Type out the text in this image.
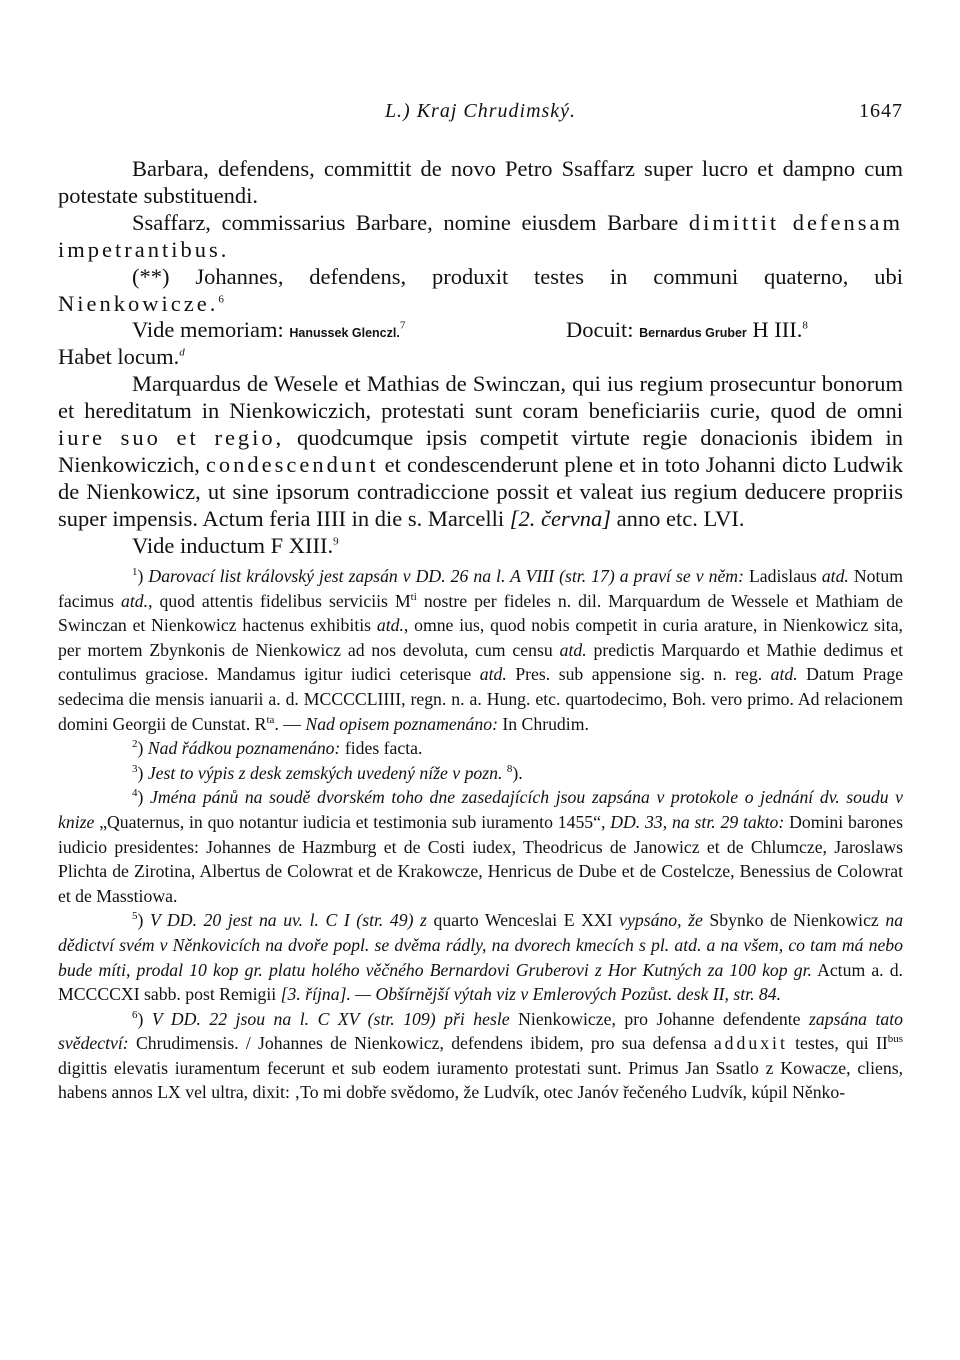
L.) Kraj Chrudimský.	1647

Barbara, defendens, committit de novo Petro Ssaffarz super lucro et dampno cum potestate substituendi.

Ssaffarz, commissarius Barbare, nomine eiusdem Barbare dimittit defensam impetrantibus.

(**) Johannes, defendens, produxit testes in communi quaterno, ubi Nienkowicze.$^6$

Vide memoriam: Hanussek Glenczl.$^7$	Docuit: Bernardus Gruber H III.$^8$

Habet locum.$^d$

Marquardus de Wesele et Mathias de Swinczan, qui ius regium prosecuntur bonorum et hereditatum in Nienkowiczich, protestati sunt coram beneficiariis curie, quod de omni iure suo et regio, quodcumque ipsis competit virtute regie donacionis ibidem in Nienkowiczich, condescendunt et condescenderunt plene et in toto Johanni dicto Ludwik de Nienkowicz, ut sine ipsorum contradiccione possit et valeat ius regium deducere propriis super impensis. Actum feria IIII in die s. Marcelli [2. června] anno etc. LVI.

Vide inductum F XIII.$^9$

$^1$) Darovací list královský jest zapsán v DD. 26 na l. A VIII (str. 17) a praví se v něm: Ladislaus atd. Notum facimus atd., quod attentis fidelibus serviciis $M^{ti}$ nostre per fideles n. dil. Marquardum de Wessele et Mathiam de Swinczan et Nienkowicz hactenus exhibitis atd., omne ius, quod nobis competit in curia arature, in Nienkowicz sita, per mortem Zbynkonis de Nienkowicz ad nos devoluta, cum censu atd. predictis Marquardo et Mathie dedimus et contulimus graciose. Mandamus igitur iudici ceterisque atd. Pres. sub appensione sig. n. reg. atd. Datum Prage sedecima die mensis ianuarii a. d. MCCCCLIIII, regn. n. a. Hung. etc. quartodecimo, Boh. vero primo. Ad relacionem domini Georgii de Cunstat. $R^{ta}$. — Nad opisem poznamenáno: In Chrudim.

$^2$) Nad řádkou poznamenáno: fides facta.

$^3$) Jest to výpis z desk zemských uvedený níže v pozn. $^8$).

$^4$) Jména pánů na soudě dvorském toho dne zasedajících jsou zapsána v protokole o jednání dv. soudu v knize „Quaternus, in quo notantur iudicia et testimonia sub iuramento 1455“, DD. 33, na str. 29 takto: Domini barones iudicio presidentes: Johannes de Hazmburg et de Costi iudex, Theodricus de Janowicz et de Chlumcze, Jaroslaws Plichta de Zirotina, Albertus de Colowrat et de Krakowcze, Henricus de Dube et de Costelcze, Benessius de Colowrat et de Masstiowa.

$^5$) V DD. 20 jest na uv. l. C I (str. 49) z quarto Wenceslai E XXI vypsáno, že Sbynko de Nienkowicz na dědictví svém v Něnkovicích na dvoře popl. se dvěma rádly, na dvorech kmecích s pl. atd. a na všem, co tam má nebo bude míti, prodal 10 kop gr. platu holého věčného Bernardovi Gruberovi z Hor Kutných za 100 kop gr. Actum a. d. MCCCCXI sabb. post Remigii [3. října]. — Obšírnější výtah viz v Emlerových Pozůst. desk II, str. 84.

$^6$) V DD. 22 jsou na l. C XV (str. 109) při hesle Nienkowicze, pro Johanne defendente zapsána tato svědectví: Chrudimensis. / Johannes de Nienkowicz, defendens ibidem, pro sua defensa adduxit testes, qui $II^{bus}$ digittis elevatis iuramentum fecerunt et sub eodem iuramento protestati sunt. Primus Jan Ssatlo z Kowacze, cliens, habens annos LX vel ultra, dixit: ‚To mi dobře svědomo, že Ludvík, otec Janóv řečeného Ludvík, kúpil Něnko-
